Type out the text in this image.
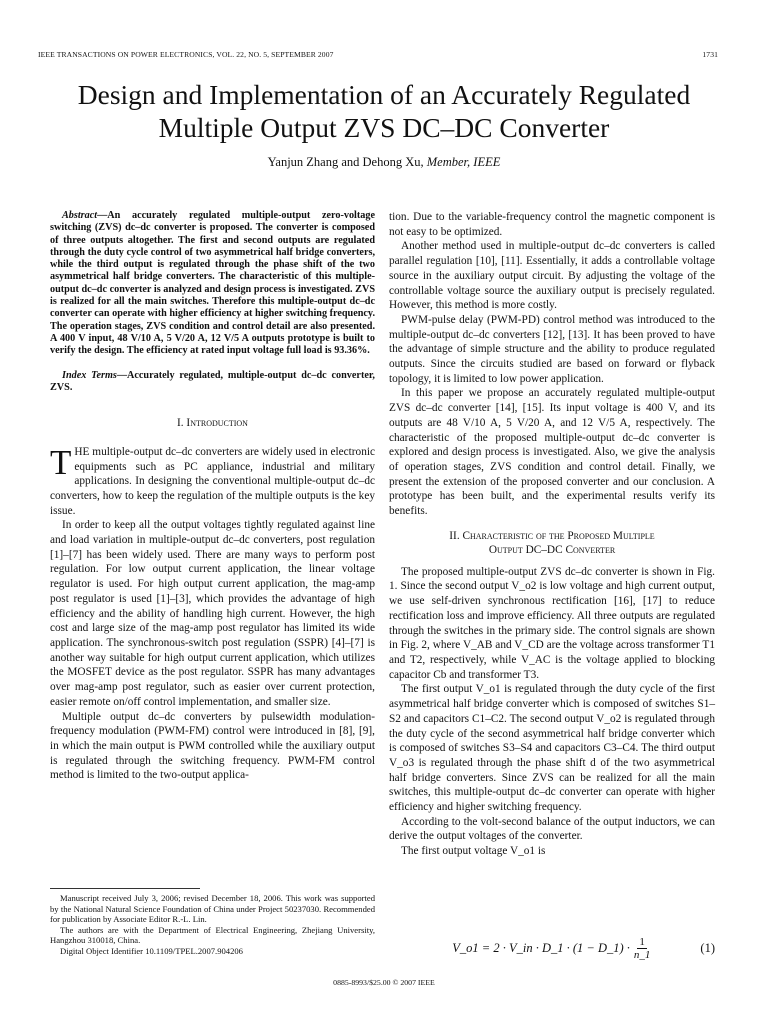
IEEE TRANSACTIONS ON POWER ELECTRONICS, VOL. 22, NO. 5, SEPTEMBER 2007	1731
Design and Implementation of an Accurately Regulated Multiple Output ZVS DC–DC Converter
Yanjun Zhang and Dehong Xu, Member, IEEE

Abstract—An accurately regulated multiple-output zero-voltage switching (ZVS) dc–dc converter is proposed. The converter is composed of three outputs altogether. The first and second outputs are regulated through the duty cycle control of two asymmetrical half bridge converters, while the third output is regulated through the phase shift of the two asymmetrical half bridge converters. The characteristic of this multiple-output dc–dc converter is analyzed and design process is investigated. ZVS is realized for all the main switches. Therefore this multiple-output dc–dc converter can operate with higher efficiency at higher switching frequency. The operation stages, ZVS condition and control detail are also presented. A 400 V input, 48 V/10 A, 5 V/20 A, 12 V/5 A outputs prototype is built to verify the design. The efficiency at rated input voltage full load is 93.36%.

Index Terms—Accurately regulated, multiple-output dc–dc converter, ZVS.

I. Introduction

THE multiple-output dc–dc converters are widely used in electronic equipments such as PC appliance, industrial and military applications. In designing the conventional multiple-output dc–dc converters, how to keep the regulation of the multiple outputs is the key issue.

In order to keep all the output voltages tightly regulated against line and load variation in multiple-output dc–dc converters, post regulation [1]–[7] has been widely used. There are many ways to perform post regulation. For low output current application, the linear voltage regulator is used. For high output current application, the mag-amp post regulator is used [1]–[3], which provides the advantage of high efficiency and the ability of handling high current. However, the high cost and large size of the mag-amp post regulator has limited its wide application. The synchronous-switch post regulation (SSPR) [4]–[7] is another way suitable for high output current application, which utilizes the MOSFET device as the post regulator. SSPR has many advantages over mag-amp post regulator, such as easier over current protection, easier remote on/off control implementation, and smaller size.

Multiple output dc–dc converters by pulsewidth modulation-frequency modulation (PWM-FM) control were introduced in [8], [9], in which the main output is PWM controlled while the auxiliary output is regulated through the switching frequency. PWM-FM control method is limited to the two-output applica-

Manuscript received July 3, 2006; revised December 18, 2006. This work was supported by the National Natural Science Foundation of China under Project 50237030. Recommended for publication by Associate Editor R.-L. Lin.

The authors are with the Department of Electrical Engineering, Zhejiang University, Hangzhou 310018, China.

Digital Object Identifier 10.1109/TPEL.2007.904206

tion. Due to the variable-frequency control the magnetic component is not easy to be optimized.

Another method used in multiple-output dc–dc converters is called parallel regulation [10], [11]. Essentially, it adds a controllable voltage source in the auxiliary output circuit. By adjusting the voltage of the controllable voltage source the auxiliary output is precisely regulated. However, this method is more costly.

PWM-pulse delay (PWM-PD) control method was introduced to the multiple-output dc–dc converters [12], [13]. It has been proved to have the advantage of simple structure and the ability to produce regulated outputs. Since the circuits studied are based on forward or flyback topology, it is limited to low power application.

In this paper we propose an accurately regulated multiple-output ZVS dc–dc converter [14], [15]. Its input voltage is 400 V, and its outputs are 48 V/10 A, 5 V/20 A, and 12 V/5 A, respectively. The characteristic of the proposed multiple-output dc–dc converter is explored and design process is investigated. Also, we give the analysis of operation stages, ZVS condition and control detail. Finally, we present the extension of the proposed converter and our conclusion. A prototype has been built, and the experimental results verify its benefits.

II. Characteristic of the Proposed Multiple
Output DC–DC Converter

The proposed multiple-output ZVS dc–dc converter is shown in Fig. 1. Since the second output V_o2 is low voltage and high current output, we use self-driven synchronous rectification [16], [17] to reduce rectification loss and improve efficiency. All three outputs are regulated through the switches in the primary side. The control signals are shown in Fig. 2, where V_AB and V_CD are the voltage across transformer T1 and T2, respectively, while V_AC is the voltage applied to blocking capacitor Cb and transformer T3.

The first output V_o1 is regulated through the duty cycle of the first asymmetrical half bridge converter which is composed of switches S1–S2 and capacitors C1–C2. The second output V_o2 is regulated through the duty cycle of the second asymmetrical half bridge converter which is composed of switches S3–S4 and capacitors C3–C4. The third output V_o3 is regulated through the phase shift d of the two asymmetrical half bridge converters. Since ZVS can be realized for all the main switches, this multiple-output dc–dc converter can operate with higher efficiency and higher switching frequency.

According to the volt-second balance of the output inductors, we can derive the output voltages of the converter.

The first output voltage V_o1 is

V_o1 = 2 · V_in · D_1 · (1 − D_1) · $\frac{1}{n\_1}$	(1)
0885-8993/$25.00 © 2007 IEEE
